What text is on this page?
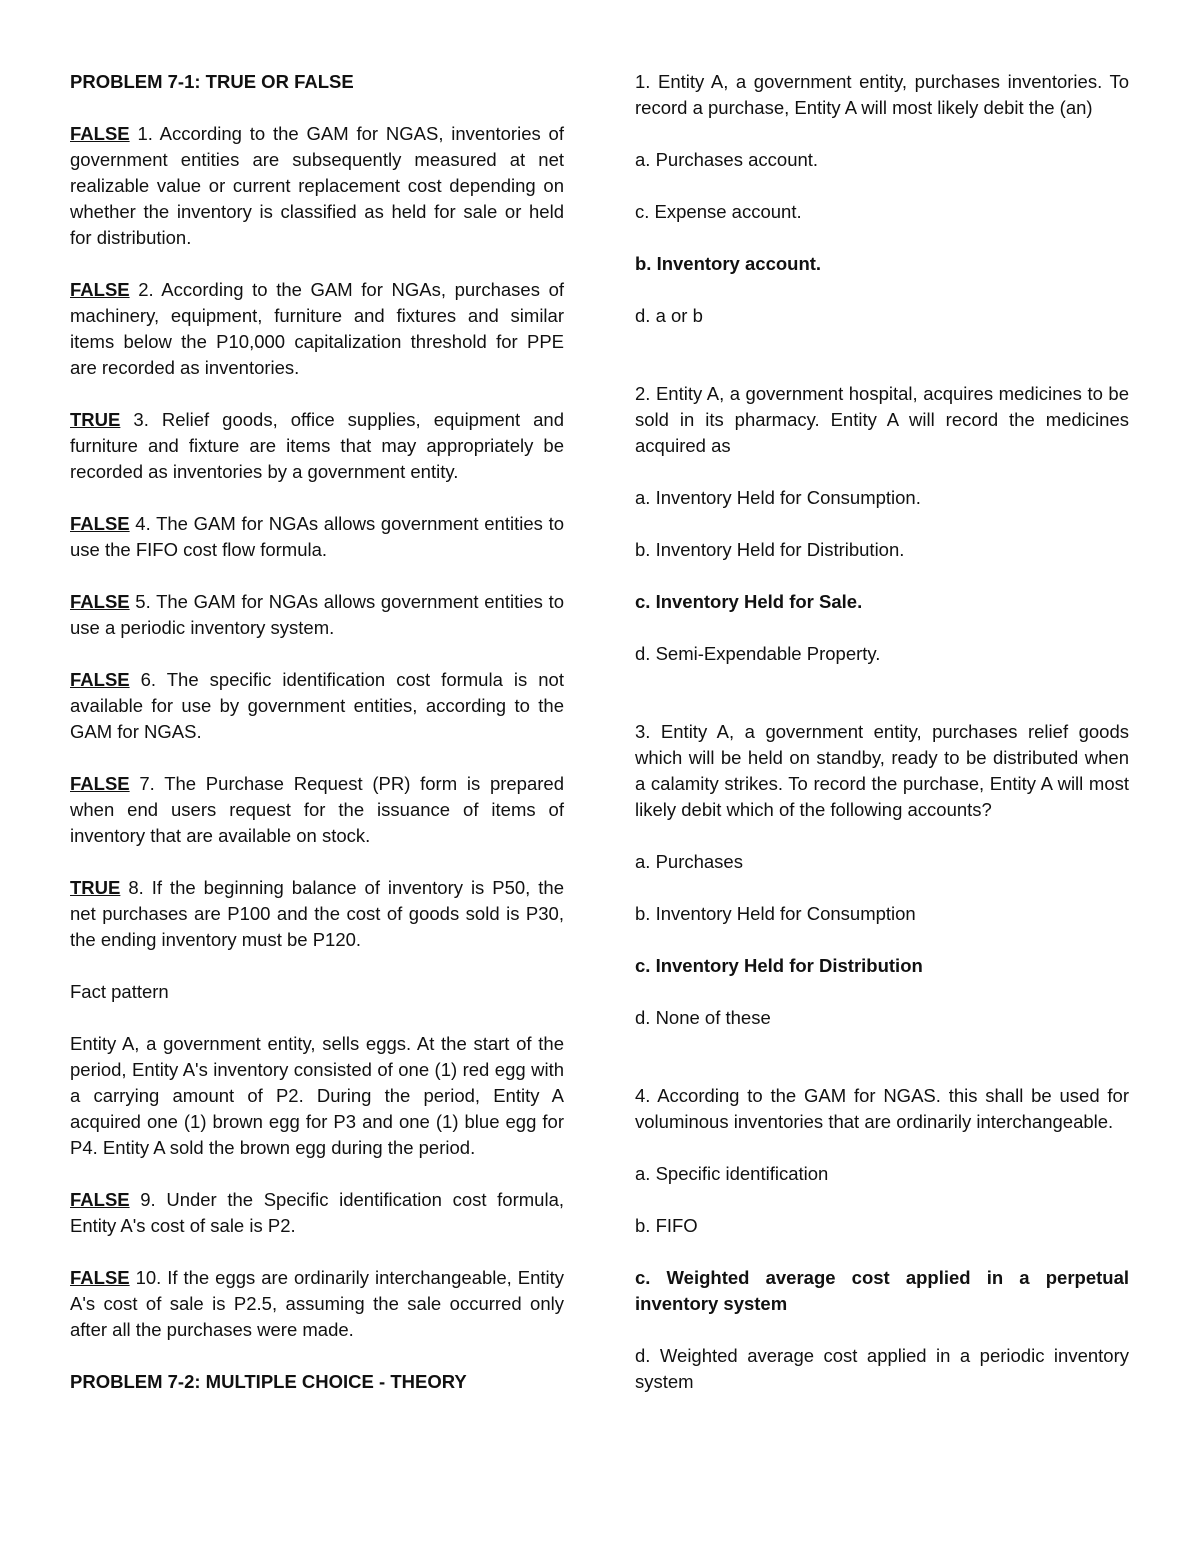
PROBLEM 7-1: TRUE OR FALSE

FALSE 1. According to the GAM for NGAS, inventories of government entities are subsequently measured at net realizable value or current replacement cost depending on whether the inventory is classified as held for sale or held for distribution.

FALSE 2. According to the GAM for NGAs, purchases of machinery, equipment, furniture and fixtures and similar items below the P10,000 capitalization threshold for PPE are recorded as inventories.

TRUE 3. Relief goods, office supplies, equipment and furniture and fixture are items that may appropriately be recorded as inventories by a government entity.

FALSE 4. The GAM for NGAs allows government entities to use the FIFO cost flow formula.

FALSE 5. The GAM for NGAs allows government entities to use a periodic inventory system.

FALSE 6. The specific identification cost formula is not available for use by government entities, according to the GAM for NGAS.

FALSE 7. The Purchase Request (PR) form is prepared when end users request for the issuance of items of inventory that are available on stock.

TRUE 8. If the beginning balance of inventory is P50, the net purchases are P100 and the cost of goods sold is P30, the ending inventory must be P120.

Fact pattern

Entity A, a government entity, sells eggs. At the start of the period, Entity A's inventory consisted of one (1) red egg with a carrying amount of P2. During the period, Entity A acquired one (1) brown egg for P3 and one (1) blue egg for P4. Entity A sold the brown egg during the period.

FALSE 9. Under the Specific identification cost formula, Entity A's cost of sale is P2.

FALSE 10. If the eggs are ordinarily interchangeable, Entity A's cost of sale is P2.5, assuming the sale occurred only after all the purchases were made.

PROBLEM 7-2: MULTIPLE CHOICE - THEORY

1. Entity A, a government entity, purchases inventories. To record a purchase, Entity A will most likely debit the (an)

a. Purchases account.

c. Expense account.

b. Inventory account.

d. a or b

2. Entity A, a government hospital, acquires medicines to be sold in its pharmacy. Entity A will record the medicines acquired as

a. Inventory Held for Consumption.

b. Inventory Held for Distribution.

c. Inventory Held for Sale.

d. Semi-Expendable Property.

3. Entity A, a government entity, purchases relief goods which will be held on standby, ready to be distributed when a calamity strikes. To record the purchase, Entity A will most likely debit which of the following accounts?

a. Purchases

b. Inventory Held for Consumption

c. Inventory Held for Distribution

d. None of these

4. According to the GAM for NGAS. this shall be used for voluminous inventories that are ordinarily interchangeable.

a. Specific identification

b. FIFO

c. Weighted average cost applied in a perpetual inventory system

d. Weighted average cost applied in a periodic inventory system
